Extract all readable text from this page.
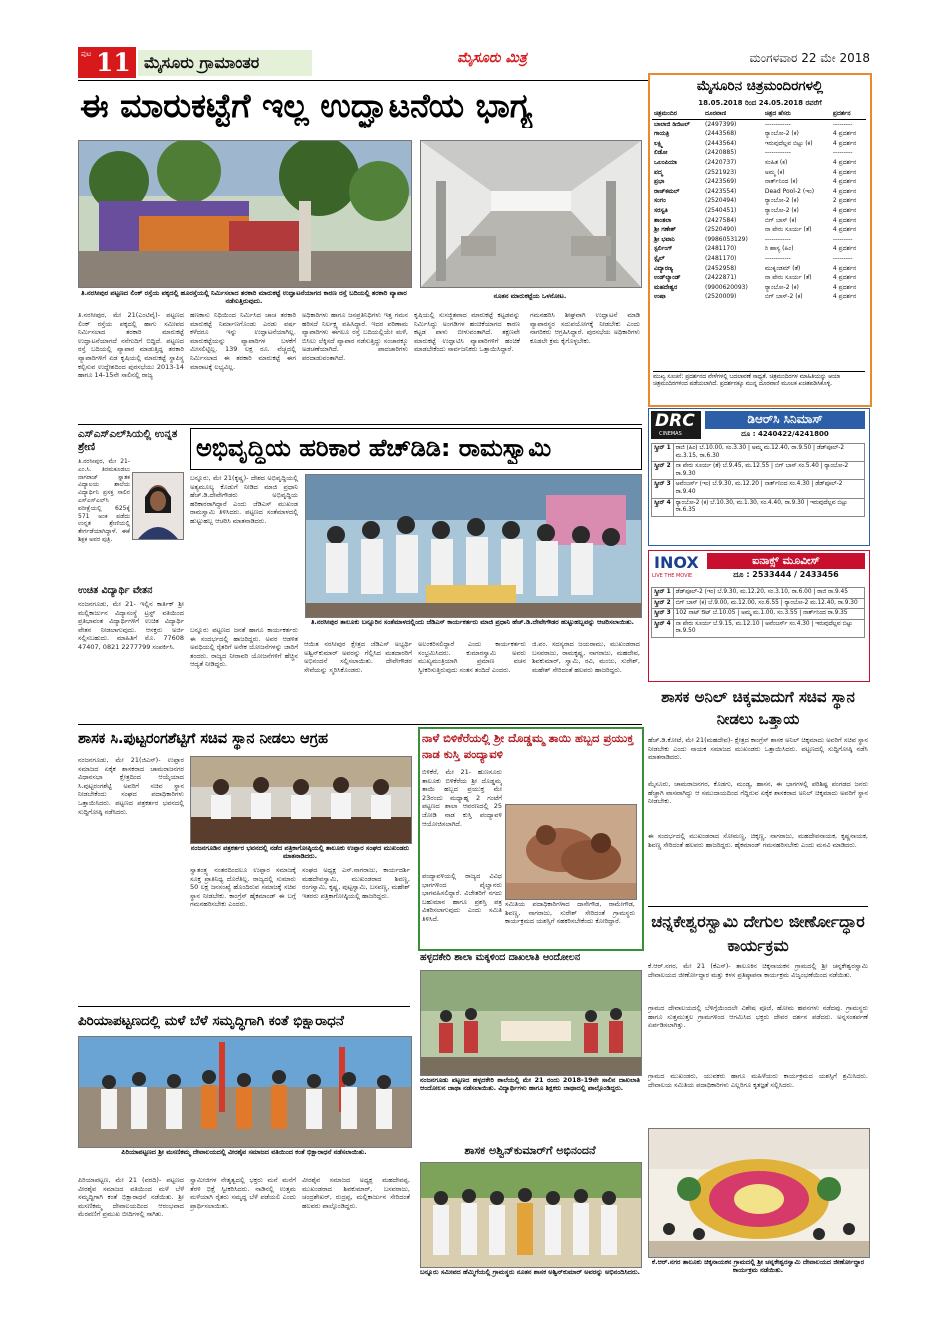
ಪುಟ 11 ಮೈಸೂರು ಗ್ರಾಮಾಂತರ	ಮೈಸೂರು ಮಿತ್ರ	ಮಂಗಳವಾರ 22 ಮೇ 2018
ಈ ಮಾರುಕಟ್ಟೆಗೆ ಇಲ್ಲ ಉದ್ಘಾಟನೆಯ ಭಾಗ್ಯ
ತಿ.ನರಸೀಪುರ ಪಟ್ಟಣದ ಲಿಂಕ್ ರಸ್ತೆಯ ಪಕ್ಕದಲ್ಲಿ ಹೂರಸ್ತೆಯಲ್ಲಿ ನಿರ್ಮಿಸಲಾದ ತರಕಾರಿ ಮಾರುಕಟ್ಟೆ ಉದ್ಘಾಟನೆಯಾಗದ ಕಾರಣ ರಸ್ತೆ ಬದಿಯಲ್ಲಿ ತರಕಾರಿ ವ್ಯಾಪಾರ ನಡೆಸುತ್ತಿರುವುದು.
ನೂತನ ಮಾರುಕಟ್ಟೆಯ ಒಳನೋಟ.
ತಿ.ನರಸೀಪುರ, ಮೇ 21(ಎಂಟಿವೈ)- ಪಟ್ಟಣದ ಲಿಂಕ್ ರಸ್ತೆಯ ಪಕ್ಕದಲ್ಲಿ ಹಾಗು ಸಮೀಪದ ನಿರ್ಮಿಸಲಾದ ತರಕಾರಿ ಮಾರುಕಟ್ಟೆ ಉದ್ಘಾಟನೆಯಾಗದೆ ನನೆಗುದಿಗೆ ಬಿದ್ದಿದೆ. ಪಟ್ಟಣದ ರಸ್ತೆ ಬದಿಯಲ್ಲಿ ವ್ಯಾಪಾರ ಮಾಡುತ್ತಿದ್ದ ತರಕಾರಿ ವ್ಯಾಪಾರಿಗಳಿಗೆ ಏಡ ಕೃಷಿಯಲ್ಲಿ ಮಾರುಕಟ್ಟೆ ಸ್ಥಾಪಿಸ್ಥ ಕಲ್ಪಿಸುವ ಉದ್ದೇಶದಿಂದ ಪುರಸಭೆಯು 2013-14 ಹಾಗೂ 14-15ನೇ ಸಾಲಿನಲ್ಲಿ ರಾಜ್ಯ
ಹಣಕಾಸು ನಿಧಿಯಿಂದ ನಿರ್ಮಿಸಿದ ಚಾಚ ತರಕಾರಿ ಮಾರುಕಟ್ಟೆ ನಿರ್ಮಾಣಗೊಂಡು ಎರಡು ವರ್ಷ ಕಳೆದರೂ ಇನ್ನು ಉದ್ಘಾಟನೆಯಾಗಿಲ್ಲ. ಮಾರುಕಟ್ಟೆಯನ್ನು ವ್ಯಾಪಾರಿಗಳ ಬಳಕೆಗೆ ಮೀಸಲಿಟ್ಟಿಲ್ಲ. 139 ಲಕ್ಷ ರೂ. ವೆಚ್ಚದಲ್ಲಿ ನಿರ್ಮಿಸಲಾದ ಈ ತರಕಾರಿ ಮಾರುಕಟ್ಟೆ ಈಗ ಮಾರಾಟಕ್ಕೆ ಲಭ್ಯವಿಲ್ಲ.
ಅಧಿಕಾರಿಗಳು ಹಾಗೂ ಜನಪ್ರತಿನಿಧಿಗಳು ಇತ್ತ ಗಮನ ಹರಿಸದೆ ನಿರ್ಲಕ್ಷ್ಯ ವಹಿಸಿದ್ದಾರೆ. ಇದರ ಪರಿಣಾಮ ವ್ಯಾಪಾರಿಗಳು ಈಗಲೂ ರಸ್ತೆ ಬದಿಯಲ್ಲಿಯೇ ಮಳೆ, ಬಿಸಿಲು ಲೆಕ್ಕಿಸದೆ ವ್ಯಾಪಾರ ನಡೆಸುತ್ತಿದ್ದು ಸಂಚಾರಕ್ಕೂ ಅಡಚಣೆಯಾಗಿದೆ. ಪಾದಚಾರಿಗಳು ಪರದಾಡುವಂತಾಗಿದೆ.
ಕೃಷಿಯಲ್ಲಿ ಸುಸಜ್ಜಿತವಾದ ಮಾರುಕಟ್ಟೆ ಕಟ್ಟಡವನ್ನು ನಿರ್ಮಿಸಿದ್ದು ಅಂಗಡಿಗಳ ಹಂಚಿಕೆಯಾಗದ ಕಾರಣ ಕಟ್ಟಡ ಪಾಳು ಬೀಳುವಂತಾಗಿದೆ. ತಕ್ಷಣವೇ ಮಾರುಕಟ್ಟೆ ಉದ್ಘಾಟಿಸಿ ವ್ಯಾಪಾರಿಗಳಿಗೆ ಹಂಚಿಕೆ ಮಾಡಬೇಕೆಂದು ಸಾರ್ವಜನಿಕರು ಒತ್ತಾಯಿಸಿದ್ದಾರೆ.
ಗಮನಹರಿಸಿ ಶೀಘ್ರವಾಗಿ ಉದ್ಘಾಟನೆ ಮಾಡಿ ವ್ಯಾಪಾರಸ್ಥರ ಸದುಪಯೋಗಕ್ಕೆ ನೀಡಬೇಕು ಎಂದು ನಾಗರಿಕರು ಆಗ್ರಹಿಸಿದ್ದಾರೆ. ಪುರಸಭೆಯ ಅಧಿಕಾರಿಗಳು ಕೂಡಲೇ ಕ್ರಮ ಕೈಗೊಳ್ಳಬೇಕು.
ಎಸ್‌ಎಸ್‌ಎಲ್‌ಸಿಯಲ್ಲಿ ಉನ್ನತ ಶ್ರೇಣಿ
ತಿ.ನರಸೀಪುರ, ಮೇ 21- ಎಂ.ಸಿ. ತಿರಮಕೂಡಲು ನಾಗರಾಜ್ ಸ್ನಾತಕ ವಿದ್ಯಾಲಯ ಶಾಲೆಯ ವಿದ್ಯಾರ್ಥಿನಿ ಪ್ರಸಕ್ತ ಸಾಲಿನ ಎಸ್‌ಎಸ್‌ಎಲ್‌ಸಿ ಪರೀಕ್ಷೆಯಲ್ಲಿ 625ಕ್ಕೆ 571 ಅಂಕ ಪಡೆದು ಉನ್ನತ ಶ್ರೇಣಿಯಲ್ಲಿ ತೇರ್ಗಡೆಯಾಗಿದ್ದಾಳೆ. ಈಕೆ ಶಿಕ್ಷಕ ಅವರ ಪುತ್ರಿ.
ಉಚಿತ ವಿದ್ಯಾರ್ಥಿ ವೇತನ
ನಂಜನಗೂಡು, ಮೇ 21- ಇಲ್ಲಿನ ಕಾರ್ತಿಕ್ ಶ್ರೀ ಮಲ್ಲಿಕಾರ್ಜುನ ವಿದ್ಯಾಸಂಸ್ಥೆ ಟ್ರಸ್ಟ್ ವತಿಯಿಂದ ಪ್ರತಿಭಾವಂತ ವಿದ್ಯಾರ್ಥಿಗಳಿಗೆ ಉಚಿತ ವಿದ್ಯಾರ್ಥಿ ವೇತನ ನೀಡಲಾಗುವುದು. ಆಸಕ್ತರು ಅರ್ಜಿ ಸಲ್ಲಿಸಬಹುದು. ಮಾಹಿತಿಗೆ ಮೊ. 77608 47407, 0821 2277799 ಸಂಪರ್ಕಿಸಿ.
ಅಭಿವೃದ್ಧಿಯ ಹರಿಕಾರ ಹೆಚ್‌ಡಿಡಿ: ರಾಮಸ್ವಾಮಿ
ಬನ್ನೂರು, ಮೇ 21(ಕೃಷ್ಣ)- ದೇಶದ ಅಭಿವೃದ್ಧಿಯಲ್ಲಿ ಅತ್ಯಮೂಲ್ಯ ಕೊಡುಗೆ ನೀಡಿದ ಮಾಜಿ ಪ್ರಧಾನಿ ಹೆಚ್.ಡಿ.ದೇವೇಗೌಡರು ಅಭಿವೃದ್ಧಿಯ ಹರಿಕಾರರಾಗಿದ್ದಾರೆ ಎಂದು ಜೆಡಿಎಸ್ ಮುಖಂಡ ರಾಮಸ್ವಾಮಿ ತಿಳಿಸಿದರು. ಪಟ್ಟಣದ ಸಂತೆಮಾಳದಲ್ಲಿ ಹುಟ್ಟುಹಬ್ಬ ಆಚರಿಸಿ ಮಾತನಾಡಿದರು.
ತಿ.ನರಸೀಪುರ ತಾಲೂಕು ಬನ್ನೂರಿನ ಸಂತೆಮಾಳದಲ್ಲಿಂದು ಜೆಡಿಎಸ್ ಕಾರ್ಯಕರ್ತರು ಮಾಜಿ ಪ್ರಧಾನಿ ಹೆಚ್.ಡಿ.ದೇವೇಗೌಡರ ಹುಟ್ಟುಹಬ್ಬವನ್ನು ಆಚರಿಸಲಾಯಿತು.
ಬನ್ನೂರು ಪಟ್ಟಣದ ಜನತೆ ಹಾಗೂ ಕಾರ್ಯಕರ್ತರು ಈ ಸಂದರ್ಭದಲ್ಲಿ ಹಾಜರಿದ್ದರು. ಅವರ ಆಡಳಿತ ಅವಧಿಯಲ್ಲಿ ರೈತರಿಗೆ ಅನೇಕ ಯೋಜನೆಗಳನ್ನು ಜಾರಿಗೆ ತಂದರು. ರಾಜ್ಯದ ನೀರಾವರಿ ಯೋಜನೆಗಳಿಗೆ ಹೆಚ್ಚಿನ ಆದ್ಯತೆ ನೀಡಿದ್ದರು.
ಆಯಿತ ನರಸೀಪುರ ಕ್ಷೇತ್ರದ ಜೆಡಿಎಸ್ ಅಭ್ಯರ್ಥಿ ಅಶ್ವಿನ್‌ಕುಮಾರ್ ಅವರನ್ನು ಗೆಲ್ಲಿಸಿದ ಮತದಾರರಿಗೆ ಅಭಿನಂದನೆ ಸಲ್ಲಿಸಲಾಯಿತು. ದೇವೇಗೌಡರ ಸೇವೆಯನ್ನು ಸ್ಮರಿಸಿಕೊಂಡರು.
ಅಲಂಕರಿಸಲಿದ್ದಾರೆ ಎಂದು ಕಾರ್ಯಕರ್ತರು ಸಂಭ್ರಮಿಸಿದರು. ಕುಮಾರಸ್ವಾಮಿ ಅವರು ಮುಖ್ಯಮಂತ್ರಿಯಾಗಿ ಪ್ರಮಾಣ ವಚನ ಸ್ವೀಕರಿಸುತ್ತಿರುವುದು ಸಂತಸ ತಂದಿದೆ ಎಂದರು.
ಜಿ.ಪಂ. ಸದಸ್ಯರಾದ ಜಯರಾಮು, ಮುಖಂಡರಾದ ಬಸವರಾಜು, ರಾಮಕೃಷ್ಣ, ನಾಗರಾಜು, ಮಹದೇವ, ಶಿವಕುಮಾರ್, ಸ್ವಾಮಿ, ರವಿ, ಮಂಜು, ಸುರೇಶ್, ಮಹೇಶ್ ಸೇರಿದಂತೆ ಹಲವರು ಹಾಜರಿದ್ದರು.
ಶಾಸಕ ಸಿ.ಪುಟ್ಟರಂಗಶೆಟ್ಟಿಗೆ ಸಚಿವ ಸ್ಥಾನ ನೀಡಲು ಆಗ್ರಹ
ನಂಜನಗೂಡು, ಮೇ 21(ಜಿಎಸ್)- ಉಪ್ಪಾರ ಸಮಾಜದ ಏಕೈಕ ಶಾಸಕರಾದ ಚಾಮರಾಜನಗರ ವಿಧಾನಸಭಾ ಕ್ಷೇತ್ರದಿಂದ ಆಯ್ಕೆಯಾದ ಸಿ.ಪುಟ್ಟರಂಗಶೆಟ್ಟಿ ಅವರಿಗೆ ಸಚಿವ ಸ್ಥಾನ ನೀಡಬೇಕೆಂದು ಸಂಘದ ಪದಾಧಿಕಾರಿಗಳು ಒತ್ತಾಯಿಸಿದರು. ಪಟ್ಟಣದ ಪತ್ರಕರ್ತರ ಭವನದಲ್ಲಿ ಸುದ್ದಿಗೋಷ್ಠಿ ನಡೆಸಿದರು.
ನಂಜನಗೂಡಿನ ಪತ್ರಕರ್ತರ ಭವನದಲ್ಲಿ ನಡೆದ ಪತ್ರಿಕಾಗೋಷ್ಠಿಯಲ್ಲಿ ತಾಲೂಕು ಉಪ್ಪಾರ ಸಂಘದ ಮುಖಂಡರು ಮಾತನಾಡಿದರು.
ಸ್ವಾತಂತ್ರ್ಯ ನಂತರದಿಂದಲೂ ಉಪ್ಪಾರ ಸಮಾಜಕ್ಕೆ ಸೂಕ್ತ ಪ್ರಾತಿನಿಧ್ಯ ದೊರೆತಿಲ್ಲ. ರಾಜ್ಯದಲ್ಲಿ ಸುಮಾರು 50 ಲಕ್ಷ ಜನಸಂಖ್ಯೆ ಹೊಂದಿರುವ ಸಮಾಜಕ್ಕೆ ಸಚಿವ ಸ್ಥಾನ ನೀಡಬೇಕು. ಕಾಂಗ್ರೆಸ್ ಹೈಕಮಾಂಡ್ ಈ ಬಗ್ಗೆ ಗಮನಹರಿಸಬೇಕು ಎಂದರು.
ಸಂಘದ ಅಧ್ಯಕ್ಷ ಎಸ್.ನಾಗರಾಜು, ಕಾರ್ಯದರ್ಶಿ ಮಹದೇವಸ್ವಾಮಿ, ಮುಖಂಡರಾದ ಶಿವಣ್ಣ, ರಂಗಸ್ವಾಮಿ, ಕೃಷ್ಣ, ಪುಟ್ಟಸ್ವಾಮಿ, ಬಸವಣ್ಣ, ಮಹೇಶ್ ಇತರರು ಪತ್ರಿಕಾಗೋಷ್ಠಿಯಲ್ಲಿ ಹಾಜರಿದ್ದರು.
ನಾಳೆ ಬಿಳಿಕೆರೆಯಲ್ಲಿ ಶ್ರೀ ದೊಡ್ಡಮ್ಮ ತಾಯಿ ಹಬ್ಬದ ಪ್ರಯುಕ್ತ ನಾಡ ಕುಸ್ತಿ ಪಂದ್ಯಾವಳಿ
ಬಿಳಿಕೆರೆ, ಮೇ 21- ಹುಣಸೂರು ತಾಲೂಕು ಬಿಳಿಕೆರೆಯ ಶ್ರೀ ದೊಡ್ಡಮ್ಮ ತಾಯಿ ಹಬ್ಬದ ಪ್ರಯುಕ್ತ ಮೇ 23ರಂದು ಮಧ್ಯಾಹ್ನ 2 ಗಂಟೆಗೆ ಪಟ್ಟಣದ ಶಾಲಾ ಆವರಣದಲ್ಲಿ 25 ಜೋಡಿ ನಾಡ ಕುಸ್ತಿ ಪಂದ್ಯಾವಳಿ ಆಯೋಜಿಸಲಾಗಿದೆ.
ಪಂದ್ಯಾವಳಿಯಲ್ಲಿ ರಾಜ್ಯದ ವಿವಿಧ ಭಾಗಗಳಿಂದ ಪೈಲ್ವಾನರು ಭಾಗವಹಿಸಲಿದ್ದಾರೆ. ವಿಜೇತರಿಗೆ ನಗದು ಬಹುಮಾನ ಹಾಗೂ ಪ್ರಶಸ್ತಿ ಪತ್ರ ವಿತರಿಸಲಾಗುವುದು ಎಂದು ಸಮಿತಿ ತಿಳಿಸಿದೆ.
ಸಮಿತಿಯ ಪದಾಧಿಕಾರಿಗಳಾದ ದಾಸೇಗೌಡ, ರಾಮೇಗೌಡ, ಶಿವಣ್ಣ, ನಾಗರಾಜು, ಸುರೇಶ್ ಸೇರಿದಂತೆ ಗ್ರಾಮಸ್ಥರು ಕಾರ್ಯಕ್ರಮದ ಯಶಸ್ಸಿಗೆ ಸಹಕರಿಸಬೇಕೆಂದು ಕೋರಿದ್ದಾರೆ.
ಹಳ್ಳದಕೇರಿ ಶಾಲಾ ಮಕ್ಕಳಿಂದ ದಾಖಲಾತಿ ಆಂದೋಲನ
ನಂಜನಗೂಡು ಪಟ್ಟಣದ ಹಳ್ಳದಕೇರಿ ಶಾಲೆಯಲ್ಲಿ ಮೇ 21 ರಂದು 2018-19ನೇ ಸಾಲಿನ ದಾಖಲಾತಿ ಆಂದೋಲನ ಜಾಥಾ ನಡೆಸಲಾಯಿತು. ವಿದ್ಯಾರ್ಥಿಗಳು ಹಾಗೂ ಶಿಕ್ಷಕರು ಜಾಥಾದಲ್ಲಿ ಪಾಲ್ಗೊಂಡಿದ್ದರು.
ಪಿರಿಯಾಪಟ್ಟಣದಲ್ಲಿ ಮಳೆ ಬೆಳೆ ಸಮೃದ್ಧಿಗಾಗಿ ಕಂತೆ ಭಿಕ್ಷಾರಾಧನೆ
ಪಿರಿಯಾಪಟ್ಟಣದ ಶ್ರೀ ಮಸಣಿಕಮ್ಮ ದೇವಾಲಯದಲ್ಲಿ ವೀರಶೈವ ಸಮಾಜದ ವತಿಯಿಂದ ಕಂತೆ ಭಿಕ್ಷಾರಾಧನೆ ನಡೆಸಲಾಯಿತು.
ಪಿರಿಯಾಪಟ್ಟಣ, ಮೇ 21 (ವರದಿ)- ಪಟ್ಟಣದ ವೀರಶೈವ ಸಮಾಜದ ವತಿಯಿಂದ ಮಳೆ ಬೆಳೆ ಸಮೃದ್ಧಿಗಾಗಿ ಕಂತೆ ಭಿಕ್ಷಾರಾಧನೆ ನಡೆಯಿತು. ಶ್ರೀ ಮಸಣಿಕಮ್ಮ ದೇವಾಲಯದಿಂದ ಆರಂಭವಾದ ಮೆರವಣಿಗೆ ಪ್ರಮುಖ ಬೀದಿಗಳಲ್ಲಿ ಸಾಗಿತು.
ಸ್ವಾಮೀಜಿಗಳ ನೇತೃತ್ವದಲ್ಲಿ ಭಕ್ತರು ಮನೆ ಮನೆಗೆ ತೆರಳಿ ಭಿಕ್ಷೆ ಸ್ವೀಕರಿಸಿದರು. ನಾಡಿನಲ್ಲಿ ಉತ್ತಮ ಮಳೆಯಾಗಿ ರೈತರು ಸಮೃದ್ಧ ಬೆಳೆ ಪಡೆಯಲಿ ಎಂದು ಪ್ರಾರ್ಥಿಸಲಾಯಿತು.
ವೀರಶೈವ ಸಮಾಜದ ಅಧ್ಯಕ್ಷ ಮಹದೇವಪ್ಪ, ಮುಖಂಡರಾದ ಶಿವಕುಮಾರ್, ಬಸವರಾಜು, ಚಂದ್ರಶೇಖರ್, ರುದ್ರಪ್ಪ, ಮಲ್ಲಿಕಾರ್ಜುನ ಸೇರಿದಂತೆ ಹಲವರು ಪಾಲ್ಗೊಂಡಿದ್ದರು.
ಶಾಸಕ ಅಶ್ವಿನ್‌ಕುಮಾರ್‌ಗೆ ಅಭಿನಂದನೆ
ಬನ್ನೂರು ಸಮೀಪದ ಹೆಮ್ಮಿಗೆಯಲ್ಲಿ ಗ್ರಾಮಸ್ಥರು ನೂತನ ಶಾಸಕ ಅಶ್ವಿನ್‌ಕುಮಾರ್ ಅವರನ್ನು ಅಭಿನಂದಿಸಿದರು.
ಮೈಸೂರಿನ ಚಿತ್ರಮಂದಿರಗಳಲ್ಲಿ
18.05.2018 ರಿಂದ 24.05.2018 ರವರೆಗೆ
ಚಿತ್ರಮಂದಿರ	ದೂರವಾಣಿ	ಚಿತ್ರದ ಹೆಸರು	ಪ್ರದರ್ಶನ
ಬಾಲಾಜಿ ಡಿಜಿಟಲ್	(2497399)	------------	---------
ಗಾಯತ್ರಿ	(2443568)	ರ್‍ಯಾಂಬೋ-2 (ಕ)	4 ಪ್ರದರ್ಶನ
ಲಕ್ಷ್ಮಿ	(2443564)	ಇರುವುದೆಲ್ಲವ ಬಿಟ್ಟು (ಕ)	4 ಪ್ರದರ್ಶನ
ಲಿಡೋ	(2420885)	------------	---------
ಒಲಂಪಿಯಾ	(2420737)	ಸಂಹಿತ (ಕ)	4 ಪ್ರದರ್ಶನ
ಪದ್ಮ	(2521923)	ಅಮ್ಮ (ಕ)	4 ಪ್ರದರ್ಶನ
ಪ್ರಭಾ	(2423569)	ನಾರ್ತ್‌ನಿಂದ (ಕ)	4 ಪ್ರದರ್ಶನ
ರಾಜ್‌ಕಮಲ್	(2423554)	Dead Pool-2 (ಇಂ)	4 ಪ್ರದರ್ಶನ
ಸಂಗಂ	(2520494)	ರ್‍ಯಾಂಬೋ-2 (ಕ)	2 ಪ್ರದರ್ಶನ
ಸರಸ್ವತಿ	(2540451)	ರ್‍ಯಾಂಬೋ-2 (ಕ)	4 ಪ್ರದರ್ಶನ
ಶಾಂತಲಾ	(2427584)	ಬಿಗ್ ಬಾಸ್ (ಕ)	4 ಪ್ರದರ್ಶನ
ಶ್ರೀ ಗಣೇಶ್	(2520490)	ನಾ ಪೇರು ಸೂರ್ಯ (ತೆ)	4 ಪ್ರದರ್ಶನ
ಶ್ರೀ ಭವಾನಿ	(9986053129)	------------	---------
ಸ್ಟರ್ಲಿಂಗ್	(2481170)	ರಿ ಹಾಸ್ಯ (ಹಿಂ)	4 ಪ್ರದರ್ಶನ
ಸ್ಟೈಲ್	(2481170)	------------	---------
ವಿದ್ಯಾರಣ್ಯ	(2452958)	ಮುಕೃಂಡಮ್ (ತೆ)	4 ಪ್ರದರ್ಶನ
ಉಡ್‌ಲ್ಯಾಂಡ್	(2422871)	ನಾ ಪೇರು ಸೂರ್ಯ (ತೆ)	4 ಪ್ರದರ್ಶನ
ಮಹದೇಶ್ವರ	(9900620093)	ರ್‍ಯಾಂಬೋ-2 (ಕ)	4 ಪ್ರದರ್ಶನ
ಉಷಾ	(2520009)	ಬಿಗ್ ಬಾಸ್-2 (ಕ)	4 ಪ್ರದರ್ಶನ
ಮುಖ್ಯ ಸೂಚನೆ: ಪ್ರದರ್ಶನದ ವೇಳೆಗಳಲ್ಲಿ ಬದಲಾವಣೆ ಸಾಧ್ಯತೆ. ಚಿತ್ರಮಂದಿರಗಳ ಮಾಹಿತಿಯನ್ನು ಆಯಾ ಚಿತ್ರಮಂದಿರಗಳಿಂದ ಪಡೆಯಲಾಗಿದೆ. ಪ್ರದರ್ಶನಕ್ಕೂ ಮುನ್ನ ದೂರವಾಣಿ ಮೂಲಕ ಖಚಿತಪಡಿಸಿಕೊಳ್ಳಿ.
DRC
CINEMAS
ಡಿಆರ್‌ಸಿ ಸಿನಿಮಾಸ್
ದೂ : 4240422/4241800
ಸ್ಕ್ರೀನ್ 1	ರಾಜಿ (ಹಿಂ) ಬೆ.10.00, ಸಂ.3.30 | ಅಮ್ಮ ಮ.12.40, ರಾ.9.50 | ಡೆಡ್‌ಪೂಲ್-2 ಮ.3.15, ರಾ.6.30
ಸ್ಕ್ರೀನ್ 2	ನಾ ಪೇರು ಸೂರ್ಯ (ತೆ) ಬೆ.9.45, ಮ.12.55 | ಬಿಗ್ ಬಾಸ್ ಸಂ.5.40 | ರ್‍ಯಾಂಬೋ-2 ರಾ.9.30
ಸ್ಕ್ರೀನ್ 3	ಅವೆಂಜರ್ಸ್ (ಇಂ) ಬೆ.9.30, ಮ.12.20 | ನಾರ್ತ್‌ನಿಂದ ಸಂ.4.30 | ಡೆಡ್‌ಪೂಲ್-2 ರಾ.9.40
ಸ್ಕ್ರೀನ್ 4	ರ್‍ಯಾಂಬೋ-2 (ಕ) ಬೆ.10.30, ಮ.1.30, ಸಂ.4.40, ರಾ.9.30 | ಇರುವುದೆಲ್ಲವ ಬಿಟ್ಟು ರಾ.6.35
INOX
LIVE THE MOVIE
ಐನಾಕ್ಸ್ ಮೂವೀಸ್
ದೂ : 2533444 / 2433456
ಸ್ಕ್ರೀನ್ 1	ಡೆಡ್‌ಪೂಲ್-2 (ಇಂ) ಬೆ.9.30, ಮ.12.20, ಸಂ.3.10, ರಾ.6.00 | ರಾಜಿ ರಾ.9.45
ಸ್ಕ್ರೀನ್ 2	ಬಿಗ್ ಬಾಸ್ (ಕ) ಬೆ.9.00, ಮ.12.00, ಸಂ.6.55 | ರ್‍ಯಾಂಬೋ-2 ಮ.12.40, ರಾ.9.30
ಸ್ಕ್ರೀನ್ 3	102 ನಾಟ್ ಔಟ್ ಬೆ.10.05 | ಅಮ್ಮ ಮ.1.00, ಸಂ.3.55 | ನಾರ್ತ್‌ನಿಂದ ರಾ.9.35
ಸ್ಕ್ರೀನ್ 4	ನಾ ಪೇರು ಸೂರ್ಯ ಬೆ.9.15, ಮ.12.10 | ಅವೆಂಜರ್ಸ್ ಸಂ.4.30 | ಇರುವುದೆಲ್ಲವ ಬಿಟ್ಟು ರಾ.9.50
ಶಾಸಕ ಅನಿಲ್ ಚಿಕ್ಕಮಾದುಗೆ ಸಚಿವ ಸ್ಥಾನ ನೀಡಲು ಒತ್ತಾಯ
ಹೆಚ್.ಡಿ.ಕೋಟೆ, ಮೇ 21(ಮಹದೇವ)- ಕ್ಷೇತ್ರದ ಕಾಂಗ್ರೆಸ್ ಶಾಸಕ ಅನಿಲ್ ಚಿಕ್ಕಮಾದು ಅವರಿಗೆ ಸಚಿವ ಸ್ಥಾನ ನೀಡಬೇಕು ಎಂದು ನಾಯಕ ಸಮಾಜದ ಮುಖಂಡರು ಒತ್ತಾಯಿಸಿದರು. ಪಟ್ಟಣದಲ್ಲಿ ಸುದ್ದಿಗೋಷ್ಠಿ ನಡೆಸಿ ಮಾತನಾಡಿದರು.
ಮೈಸೂರು, ಚಾಮರಾಜನಗರ, ಕೊಡಗು, ಮಂಡ್ಯ, ಹಾಸನ, ಈ ಭಾಗಗಳಲ್ಲಿ ಪರಿಶಿಷ್ಟ ಪಂಗಡದ ಜನರು ಹೆಚ್ಚಾಗಿ ವಾಸವಾಗಿದ್ದು ಆ ಸಮುದಾಯದಿಂದ ಗೆದ್ದಿರುವ ಏಕೈಕ ಶಾಸಕರಾದ ಅನಿಲ್ ಚಿಕ್ಕಮಾದು ಅವರಿಗೆ ಸ್ಥಾನ ನೀಡಬೇಕು.
ಈ ಸಂದರ್ಭದಲ್ಲಿ ಮುಖಂಡರಾದ ಸೋಮಣ್ಣ, ಚಿಕ್ಕಣ್ಣ, ನಾಗರಾಜು, ಮಹದೇವನಾಯಕ, ಕೃಷ್ಣನಾಯಕ, ಶಿವಣ್ಣ ಸೇರಿದಂತೆ ಹಲವರು ಹಾಜರಿದ್ದರು. ಹೈಕಮಾಂಡ್ ಗಮನಹರಿಸಬೇಕು ಎಂದು ಮನವಿ ಮಾಡಿದರು.
ಚನ್ನಕೇಶ್ವರಸ್ವಾಮಿ ದೇಗುಲ ಜೀರ್ಣೋದ್ಧಾರ ಕಾರ್ಯಕ್ರಮ
ಕೆ.ಆರ್.ನಗರ, ಮೇ 21 (ಕೆಎಸ್)- ತಾಲೂಕಿನ ಚಿಕ್ಕನಾಯಕನ ಗ್ರಾಮದಲ್ಲಿ ಶ್ರೀ ಚನ್ನಕೇಶ್ವರಸ್ವಾಮಿ ದೇವಾಲಯದ ಜೀರ್ಣೋದ್ಧಾರ ಮತ್ತು ಕಳಸ ಪ್ರತಿಷ್ಠಾಪನಾ ಕಾರ್ಯಕ್ರಮ ವಿಜೃಂಭಣೆಯಿಂದ ನಡೆಯಿತು.
ಗ್ರಾಮದ ದೇವಾಲಯದಲ್ಲಿ ಬೆಳಿಗ್ಗೆಯಿಂದಲೇ ವಿಶೇಷ ಪೂಜೆ, ಹೋಮ ಹವನಗಳು ನಡೆದವು. ಗ್ರಾಮಸ್ಥರು ಹಾಗೂ ಸುತ್ತಮುತ್ತಲ ಗ್ರಾಮಗಳಿಂದ ಆಗಮಿಸಿದ ಭಕ್ತರು ದೇವರ ದರ್ಶನ ಪಡೆದರು. ಅನ್ನಸಂತರ್ಪಣೆ ಏರ್ಪಡಿಸಲಾಗಿತ್ತು.
ಗ್ರಾಮದ ಮುಖಂಡರು, ಯುವಕರು ಹಾಗೂ ಮಹಿಳೆಯರು ಕಾರ್ಯಕ್ರಮದ ಯಶಸ್ಸಿಗೆ ಶ್ರಮಿಸಿದರು. ದೇವಾಲಯ ಸಮಿತಿಯ ಪದಾಧಿಕಾರಿಗಳು ಎಲ್ಲರಿಗೂ ಕೃತಜ್ಞತೆ ಸಲ್ಲಿಸಿದರು.
ಕೆ.ಆರ್.ನಗರ ತಾಲೂಕು ಚಿಕ್ಕನಾಯಕನ ಗ್ರಾಮದಲ್ಲಿ ಶ್ರೀ ಚನ್ನಕೇಶ್ವರಸ್ವಾಮಿ ದೇವಾಲಯದ ಜೀರ್ಣೋದ್ಧಾರ ಕಾರ್ಯಕ್ರಮ ನಡೆಯಿತು.
